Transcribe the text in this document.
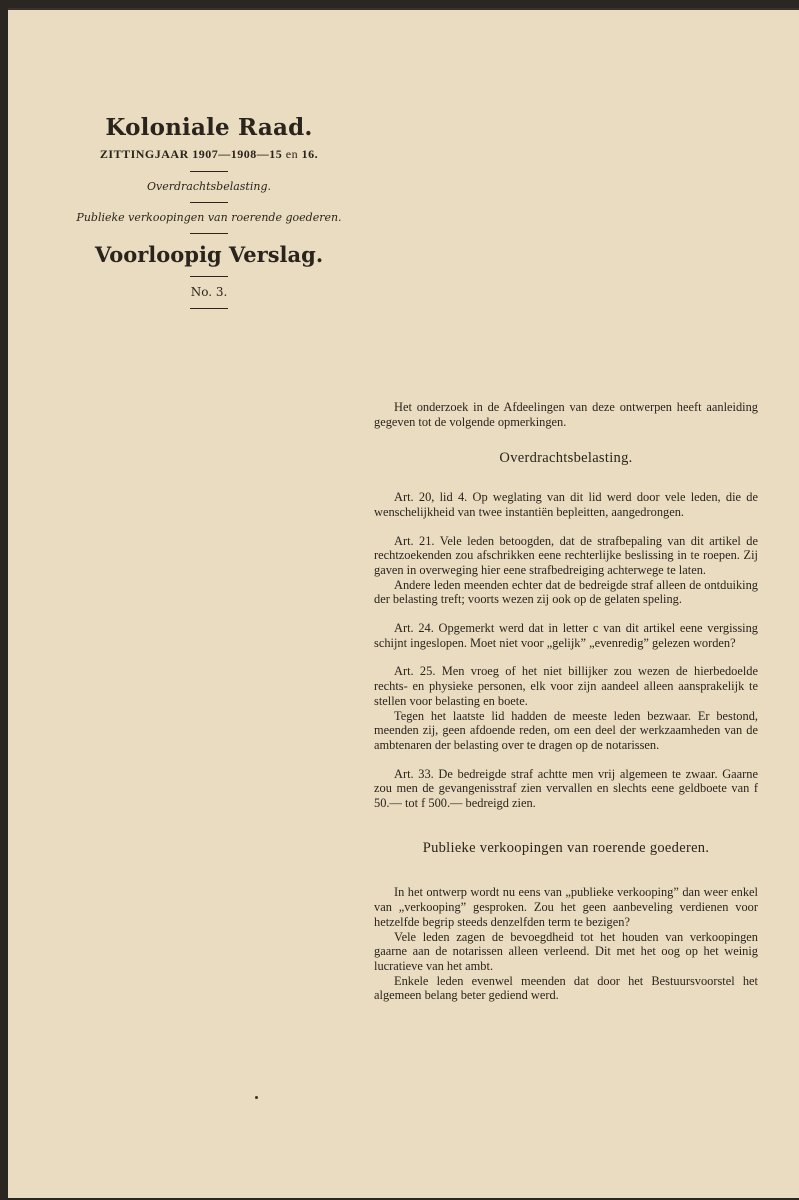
Koloniale Raad.
ZITTINGJAAR 1907—1908—15 en 16.
Overdrachtsbelasting.
Publieke verkoopingen van roerende goederen.
Voorloopig Verslag.
No. 3.

Het onderzoek in de Afdeelingen van deze ontwerpen heeft aanleiding gegeven tot de volgende opmerkingen.

Overdrachtsbelasting.

Art. 20, lid 4. Op weglating van dit lid werd door vele leden, die de wenschelijkheid van twee instantiën bepleitten, aangedrongen.

Art. 21. Vele leden betoogden, dat de strafbepaling van dit artikel de rechtzoekenden zou afschrikken eene rechterlijke beslissing in te roepen. Zij gaven in overweging hier eene strafbedreiging achterwege te laten.

Andere leden meenden echter dat de bedreigde straf alleen de ontduiking der belasting treft; voorts wezen zij ook op de gelaten speling.

Art. 24. Opgemerkt werd dat in letter c van dit artikel eene vergissing schijnt ingeslopen. Moet niet voor „gelijk” „evenredig” gelezen worden?

Art. 25. Men vroeg of het niet billijker zou wezen de hierbedoelde rechts- en physieke personen, elk voor zijn aandeel alleen aansprakelijk te stellen voor belasting en boete.

Tegen het laatste lid hadden de meeste leden bezwaar. Er bestond, meenden zij, geen afdoende reden, om een deel der werkzaamheden van de ambtenaren der belasting over te dragen op de notarissen.

Art. 33. De bedreigde straf achtte men vrij algemeen te zwaar. Gaarne zou men de gevangenisstraf zien vervallen en slechts eene geldboete van f 50.— tot f 500.— bedreigd zien.

Publieke verkoopingen van roerende goederen.

In het ontwerp wordt nu eens van „publieke verkooping” dan weer enkel van „verkooping” gesproken. Zou het geen aanbeveling verdienen voor hetzelfde begrip steeds denzelfden term te bezigen?

Vele leden zagen de bevoegdheid tot het houden van verkoopingen gaarne aan de notarissen alleen verleend. Dit met het oog op het weinig lucratieve van het ambt.

Enkele leden evenwel meenden dat door het Bestuursvoorstel het algemeen belang beter gediend werd.
